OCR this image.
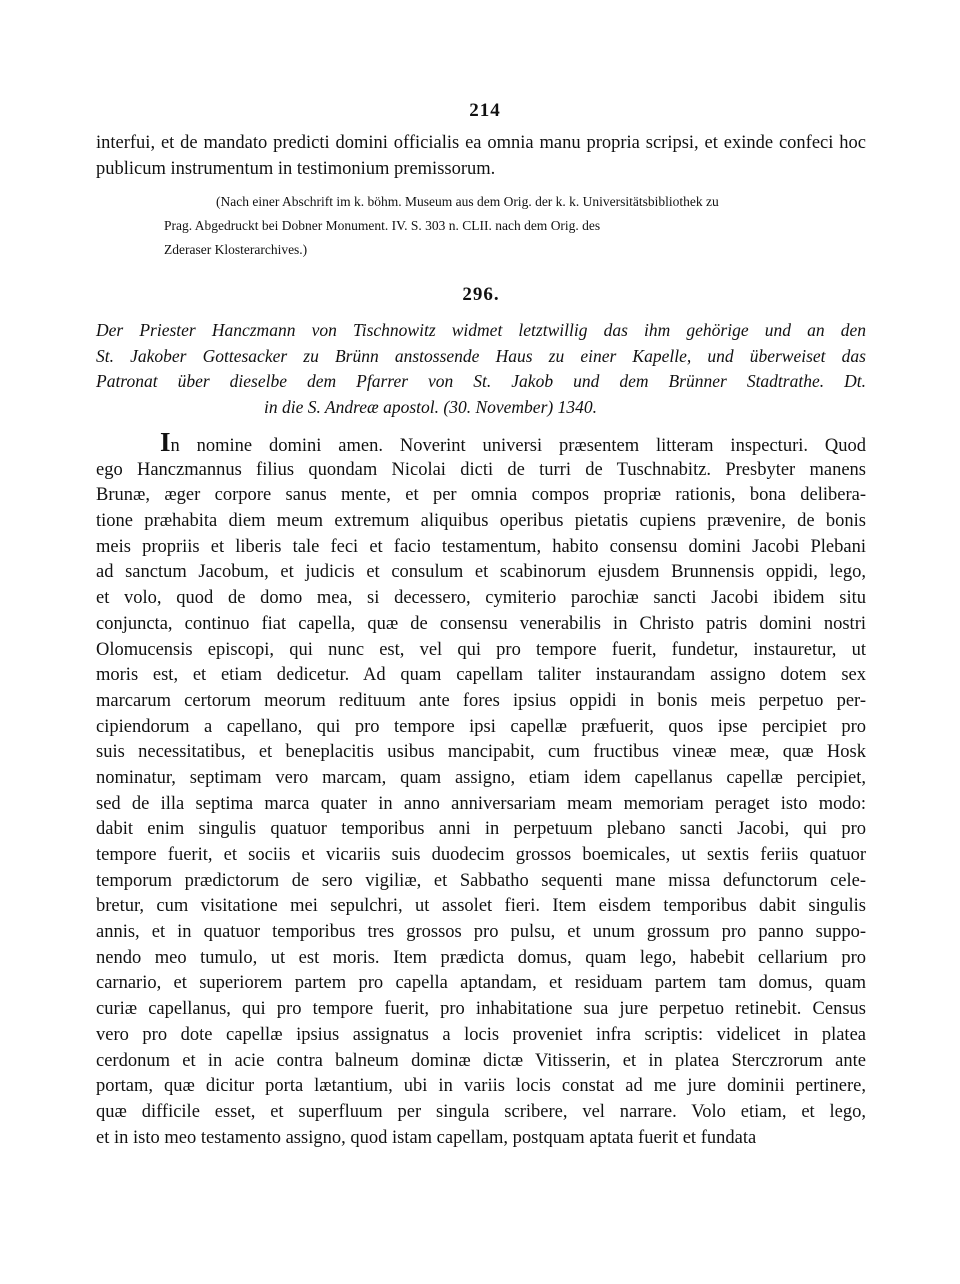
214

interfui, et de mandato predicti domini officialis ea omnia manu propria scripsi, et exinde confeci hoc publicum instrumentum in testimonium premissorum.

(Nach einer Abschrift im k. böhm. Museum aus dem Orig. der k. k. Universitätsbibliothek zu
Prag. Abgedruckt bei Dobner Monument. IV. S. 303 n. CLII. nach dem Orig. des
Zderaser Klosterarchives.)
296.
Der Priester Hanczmann von Tischnowitz widmet letztwillig das ihm gehörige und an den
St. Jakober Gottesacker zu Brünn anstossende Haus zu einer Kapelle, und überweiset das
Patronat über dieselbe dem Pfarrer von St. Jakob und dem Brünner Stadtrathe. Dt.
in die S. Andreæ apostol. (30. November) 1340.
In nomine domini amen. Noverint universi præsentem litteram inspecturi. Quod
ego Hanczmannus filius quondam Nicolai dicti de turri de Tuschnabitz. Presbyter manens
Brunæ, æger corpore sanus mente, et per omnia compos propriæ rationis, bona delibera-
tione præhabita diem meum extremum aliquibus operibus pietatis cupiens prævenire, de bonis
meis propriis et liberis tale feci et facio testamentum, habito consensu domini Jacobi Plebani
ad sanctum Jacobum, et judicis et consulum et scabinorum ejusdem Brunnensis oppidi, lego,
et volo, quod de domo mea, si decessero, cymiterio parochiæ sancti Jacobi ibidem situ
conjuncta, continuo fiat capella, quæ de consensu venerabilis in Christo patris domini nostri
Olomucensis episcopi, qui nunc est, vel qui pro tempore fuerit, fundetur, instauretur, ut
moris est, et etiam dedicetur. Ad quam capellam taliter instaurandam assigno dotem sex
marcarum certorum meorum redituum ante fores ipsius oppidi in bonis meis perpetuo per-
cipiendorum a capellano, qui pro tempore ipsi capellæ præfuerit, quos ipse percipiet pro
suis necessitatibus, et beneplacitis usibus mancipabit, cum fructibus vineæ meæ, quæ Hosk
nominatur, septimam vero marcam, quam assigno, etiam idem capellanus capellæ percipiet,
sed de illa septima marca quater in anno anniversariam meam memoriam peraget isto modo:
dabit enim singulis quatuor temporibus anni in perpetuum plebano sancti Jacobi, qui pro
tempore fuerit, et sociis et vicariis suis duodecim grossos boemicales, ut sextis feriis quatuor
temporum prædictorum de sero vigiliæ, et Sabbatho sequenti mane missa defunctorum cele-
bretur, cum visitatione mei sepulchri, ut assolet fieri. Item eisdem temporibus dabit singulis
annis, et in quatuor temporibus tres grossos pro pulsu, et unum grossum pro panno suppo-
nendo meo tumulo, ut est moris. Item prædicta domus, quam lego, habebit cellarium pro
carnario, et superiorem partem pro capella aptandam, et residuam partem tam domus, quam
curiæ capellanus, qui pro tempore fuerit, pro inhabitatione sua jure perpetuo retinebit. Census
vero pro dote capellæ ipsius assignatus a locis proveniet infra scriptis: videlicet in platea
cerdonum et in acie contra balneum dominæ dictæ Vitisserin, et in platea Sterczrorum ante
portam, quæ dicitur porta lætantium, ubi in variis locis constat ad me jure dominii pertinere,
quæ difficile esset, et superfluum per singula scribere, vel narrare. Volo etiam, et lego,
et in isto meo testamento assigno, quod istam capellam, postquam aptata fuerit et fundata
